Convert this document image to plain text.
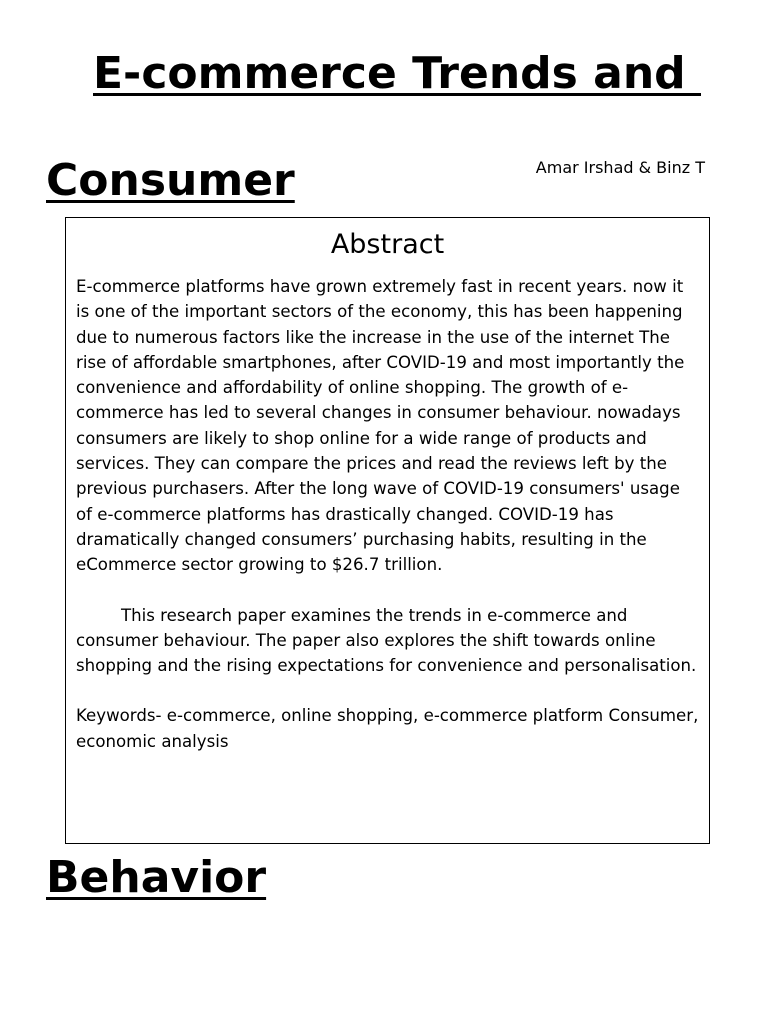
E-commerce Trends and
Consumer	Amar Irshad & Binz T
Abstract

E-commerce platforms have grown extremely fast in recent years. now it is one of the important sectors of the economy, this has been happening due to numerous factors like the increase in the use of the internet The rise of affordable smartphones, after COVID-19 and most importantly the convenience and affordability of online shopping. The growth of e-commerce has led to several changes in consumer behaviour. nowadays consumers are likely to shop online for a wide range of products and services. They can compare the prices and read the reviews left by the previous purchasers. After the long wave of COVID-19 consumers' usage of e-commerce platforms has drastically changed. COVID-19 has dramatically changed consumers’ purchasing habits, resulting in the eCommerce sector growing to $26.7 trillion.

This research paper examines the trends in e-commerce and consumer behaviour. The paper also explores the shift towards online shopping and the rising expectations for convenience and personalisation.

Keywords- e-commerce, online shopping, e-commerce platform Consumer, economic analysis

Behavior
